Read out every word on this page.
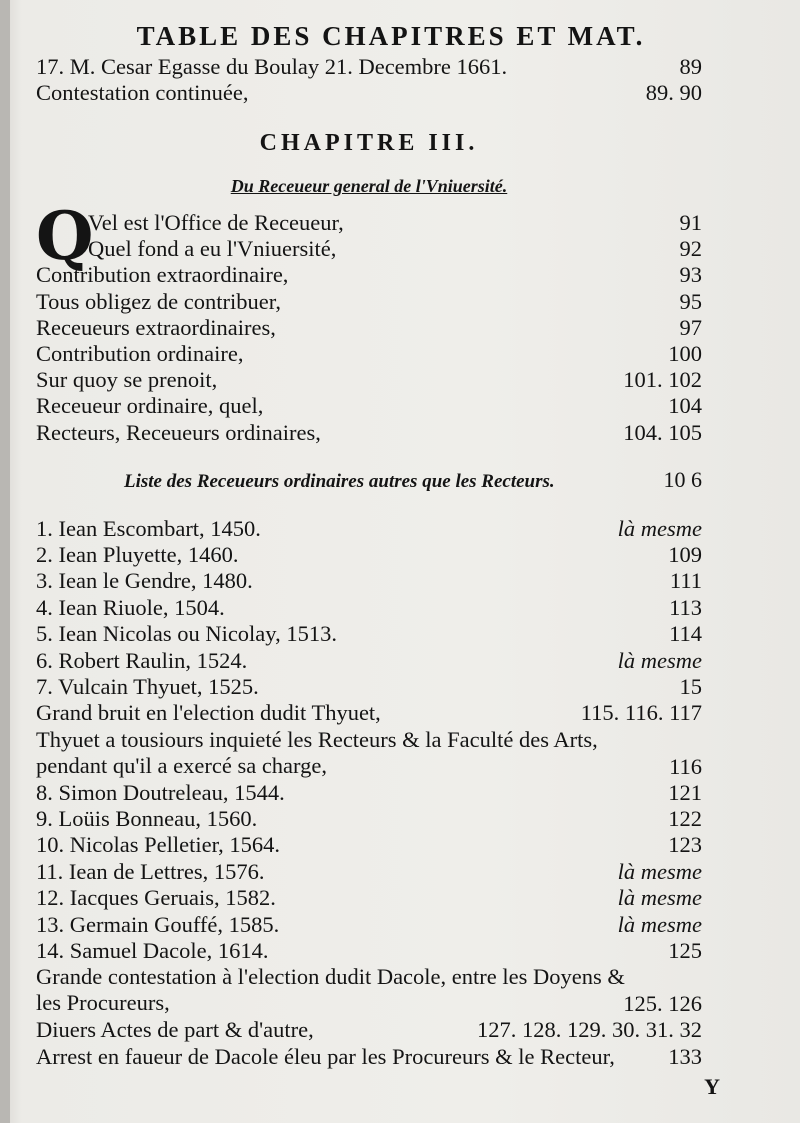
TABLE DES CHAPITRES ET MAT.
17. M. Cesar Egasse du Boulay 21. Decembre 1661.	89
Contestation continuée,	89. 90
CHAPITRE III.
Du Receueur general de l'Vniuersité.
Q
Vel est l'Office de Receueur,	91
Quel fond a eu l'Vniuersité,	92
Contribution extraordinaire,	93
Tous obligez de contribuer,	95
Receueurs extraordinaires,	97
Contribution ordinaire,	100
Sur quoy se prenoit,	101. 102
Receueur ordinaire, quel,	104
Recteurs, Receueurs ordinaires,	104. 105
Liste des Receueurs ordinaires autres que les Recteurs.	10 6
1. Iean Escombart, 1450.	là mesme
2. Iean Pluyette, 1460.	109
3. Iean le Gendre, 1480.	111
4. Iean Riuole, 1504.	113
5. Iean Nicolas ou Nicolay, 1513.	114
6. Robert Raulin, 1524.	là mesme
7. Vulcain Thyuet, 1525.	15
Grand bruit en l'election dudit Thyuet,	115. 116. 117
Thyuet a tousiours inquieté les Recteurs & la Faculté des Arts, pendant qu'il a exercé sa charge,	116
8. Simon Doutreleau, 1544.	121
9. Loüis Bonneau, 1560.	122
10. Nicolas Pelletier, 1564.	123
11. Iean de Lettres, 1576.	là mesme
12. Iacques Geruais, 1582.	là mesme
13. Germain Gouffé, 1585.	là mesme
14. Samuel Dacole, 1614.	125
Grande contestation à l'election dudit Dacole, entre les Doyens & les Procureurs,	125. 126
Diuers Actes de part & d'autre,	127. 128. 129. 30. 31. 32
Arrest en faueur de Dacole éleu par les Procureurs & le Recteur,	133
Y
